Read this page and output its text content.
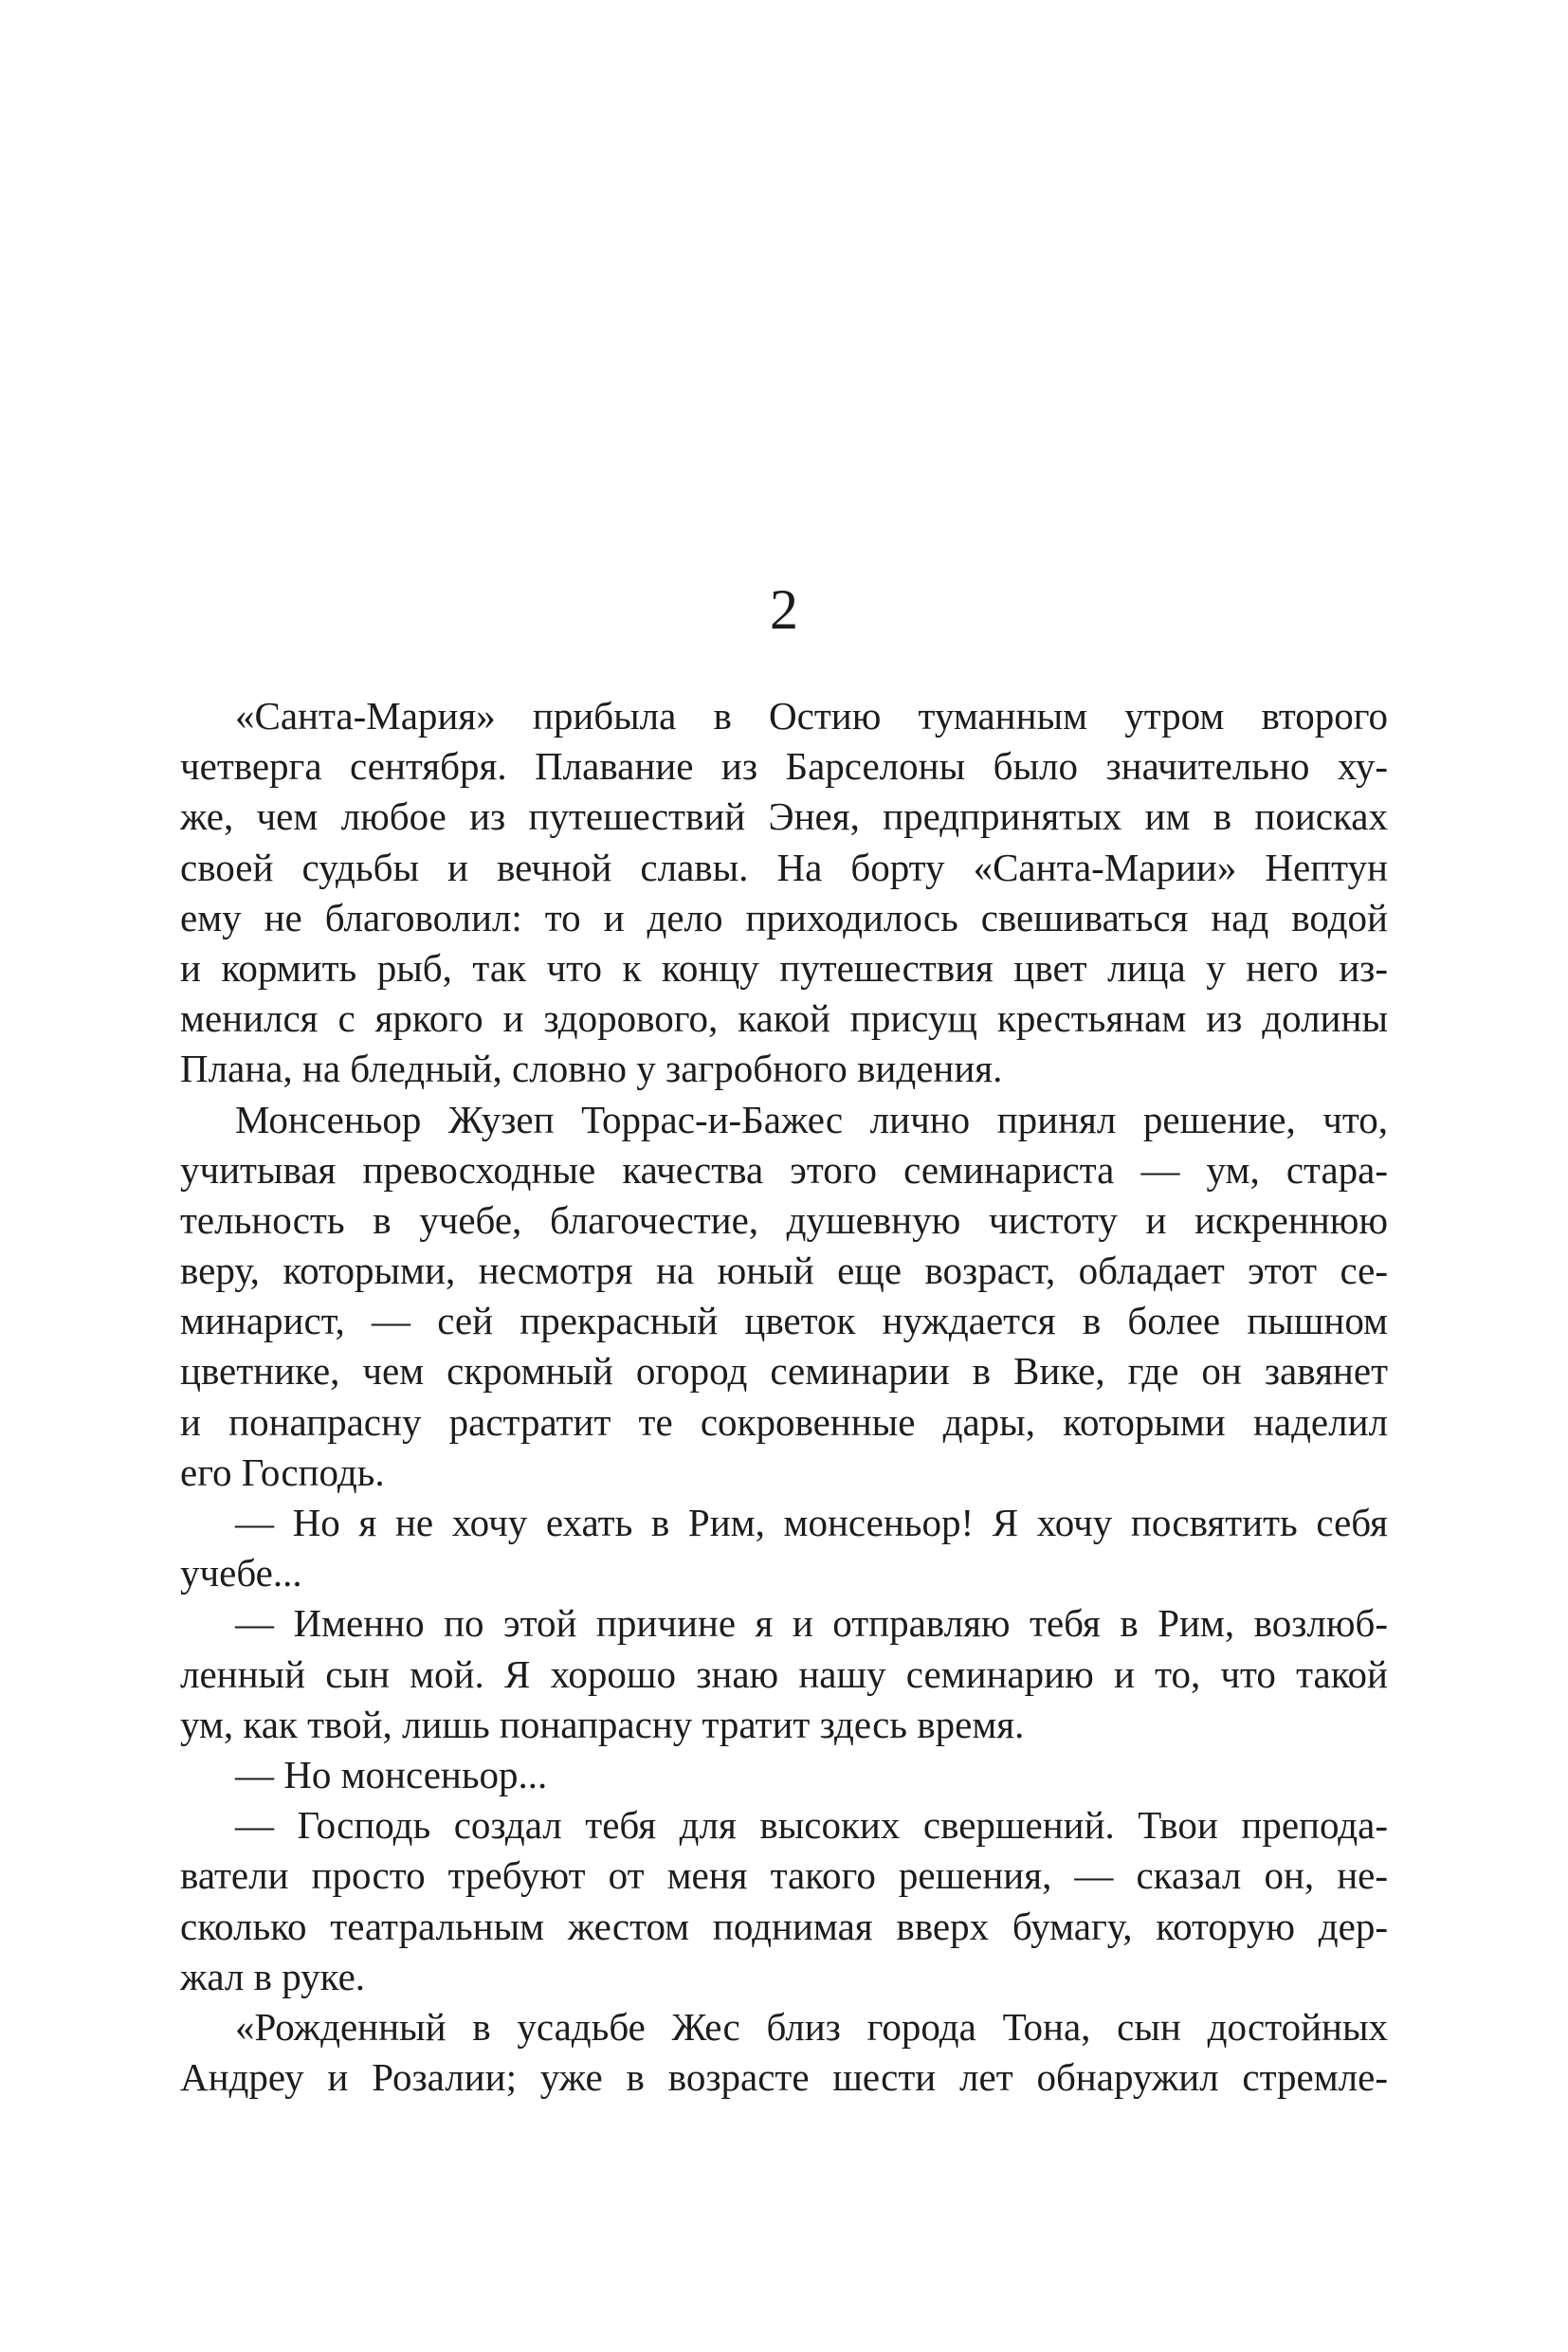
2
«Санта-Мария» прибыла в Остию туманным утром второго
четверга сентября. Плавание из Барселоны было значительно ху-
же, чем любое из путешествий Энея, предпринятых им в поисках
своей судьбы и вечной славы. На борту «Санта-Марии» Нептун
ему не благоволил: то и дело приходилось свешиваться над водой
и кормить рыб, так что к концу путешествия цвет лица у него из-
менился с яркого и здорового, какой присущ крестьянам из долины
Плана, на бледный, словно у загробного видения.
Монсеньор Жузеп Торрас-и-Бажес лично принял решение, что,
учитывая превосходные качества этого семинариста — ум, стара-
тельность в учебе, благочестие, душевную чистоту и искреннюю
веру, которыми, несмотря на юный еще возраст, обладает этот се-
минарист, — сей прекрасный цветок нуждается в более пышном
цветнике, чем скромный огород семинарии в Вике, где он завянет
и понапрасну растратит те сокровенные дары, которыми наделил
его Господь.
— Но я не хочу ехать в Рим, монсеньор! Я хочу посвятить себя
учебе...
— Именно по этой причине я и отправляю тебя в Рим, возлюб-
ленный сын мой. Я хорошо знаю нашу семинарию и то, что такой
ум, как твой, лишь понапрасну тратит здесь время.
— Но монсеньор...
— Господь создал тебя для высоких свершений. Твои препода-
ватели просто требуют от меня такого решения, — сказал он, не-
сколько театральным жестом поднимая вверх бумагу, которую дер-
жал в руке.
«Рожденный в усадьбе Жес близ города Тона, сын достойных
Андреу и Розалии; уже в возрасте шести лет обнаружил стремле-
